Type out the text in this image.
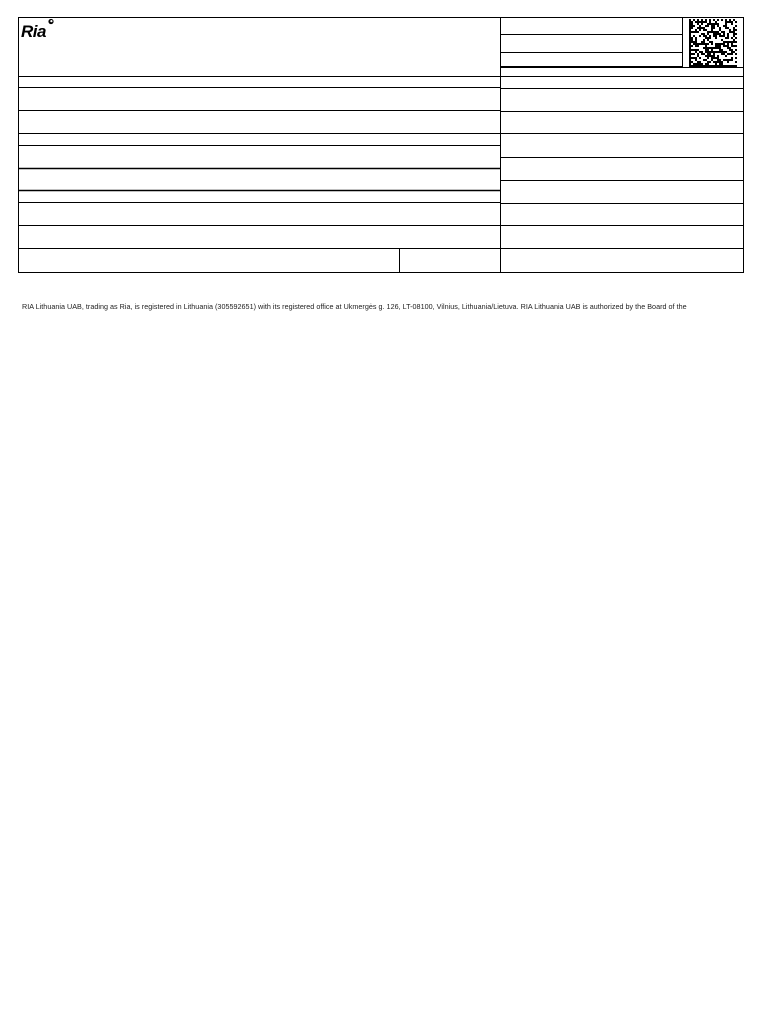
Ria
RIA Lithuania UAB, trading as Ria, is registered in Lithuania (305592651) with its registered office at Ukmergės g. 126, LT-08100, Vilnius, Lithuania/Lietuva. RIA Lithuania UAB is authorized by the Board of the
